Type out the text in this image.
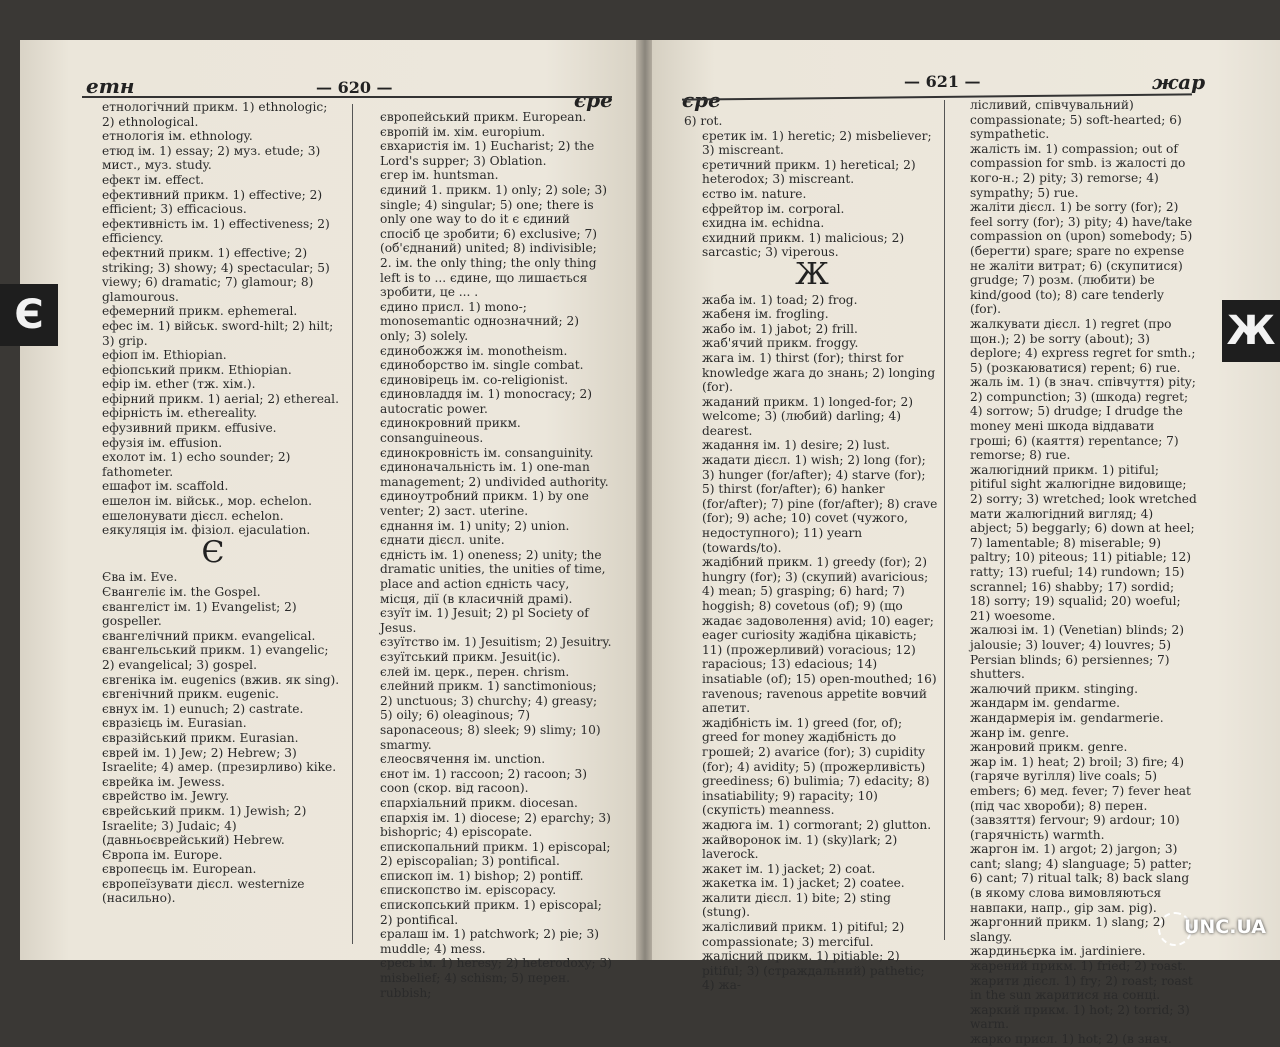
етн	— 620 —
єре
етнологічний прикм. 1) ethnologic; 2) ethnological.
етнологія ім. ethnology.
етюд ім. 1) essay; 2) муз. etude; 3) мист., муз. study.
ефект ім. effect.
ефективний прикм. 1) effective; 2) efficient; 3) efficacious.
ефективність ім. 1) effectiveness; 2) efficiency.
ефектний прикм. 1) effective; 2) striking; 3) showy; 4) spectacular; 5) viewy; 6) dramatic; 7) glamour; 8) glamourous.
ефемерний прикм. ephemeral.
ефес ім. 1) військ. sword-hilt; 2) hilt; 3) grip.
ефіоп ім. Ethiopian.
ефіопський прикм. Ethiopian.
ефір ім. ether (тж. хім.).
ефірний прикм. 1) aerial; 2) ethereal.
ефірність ім. ethereality.
ефузивний прикм. effusive.
ефузія ім. effusion.
ехолот ім. 1) echo sounder; 2) fathometer.
ешафот ім. scaffold.
ешелон ім. військ., мор. echelon.
ешелонувати дієсл. echelon.
еякуляція ім. фізіол. ejaculation.
Є
Єва ім. Eve.
Євангеліє ім. the Gospel.
євангеліст ім. 1) Evangelist; 2) gospeller.
євангелічний прикм. evangelical.
євангельський прикм. 1) evangelic; 2) evangelical; 3) gospel.
євгеніка ім. eugenics (вжив. як sing).
євгенічний прикм. eugenic.
євнух ім. 1) eunuch; 2) castrate.
євразієць ім. Eurasian.
євразійський прикм. Eurasian.
єврей ім. 1) Jew; 2) Hebrew; 3) Israelite; 4) амер. (презирливо) kike.
єврейка ім. Jewess.
єврейство ім. Jewry.
єврейський прикм. 1) Jewish; 2) Israelite; 3) Judaic; 4) (давньоєврейський) Hebrew.
Європа ім. Europe.
європеєць ім. European.
європеїзувати дієсл. westernize (насильно).
європейський прикм. European.
європій ім. хім. europium.
євхаристія ім. 1) Eucharist; 2) the Lord's supper; 3) Oblation.
єгер ім. huntsman.
єдиний 1. прикм. 1) only; 2) sole; 3) single; 4) singular; 5) one; there is only one way to do it є єдиний спосіб це зробити; 6) exclusive; 7) (об'єднаний) united; 8) indivisible; 2. ім. the only thing; the only thing left is to ... єдине, що лишається зробити, це ... .
єдино присл. 1) mono-; monosemantic однозначний; 2) only; 3) solely.
єдинобожжя ім. monotheism.
єдиноборство ім. single combat.
єдиновірець ім. co-religionist.
єдиновладдя ім. 1) monocracy; 2) autocratic power.
єдинокровний прикм. consanguineous.
єдинокровність ім. consanguinity.
єдиноначальність ім. 1) one-man management; 2) undivided authority.
єдиноутробний прикм. 1) by one venter; 2) заст. uterine.
єднання ім. 1) unity; 2) union.
єднати дієсл. unite.
єдність ім. 1) oneness; 2) unity; the dramatic unities, the unities of time, place and action єдність часу, місця, дії (в класичній драмі).
єзуїт ім. 1) Jesuit; 2) pl Society of Jesus.
єзуїтство ім. 1) Jesuitism; 2) Jesuitry.
єзуїтський прикм. Jesuit(ic).
єлей ім. церк., перен. chrism.
єлейний прикм. 1) sanctimonious; 2) unctuous; 3) churchy; 4) greasy; 5) oily; 6) oleaginous; 7) saponaceous; 8) sleek; 9) slimy; 10) smarmy.
єлеосвячення ім. unction.
єнот ім. 1) raccoon; 2) racoon; 3) coon (скор. від racoon).
єпархіальний прикм. diocesan.
єпархія ім. 1) diocese; 2) eparchy; 3) bishopric; 4) episcopate.
єпископальний прикм. 1) episcopal; 2) episcopalian; 3) pontifical.
єпископ ім. 1) bishop; 2) pontiff.
єпископство ім. episcopacy.
єпископський прикм. 1) episcopal; 2) pontifical.
єралаш ім. 1) patchwork; 2) pie; 3) muddle; 4) mess.
єресь ім. 1) heresy; 2) heterodoxy; 3) misbelief; 4) schism; 5) перен. rubbish;
єре
— 621 —	жар
6) rot.
єретик ім. 1) heretic; 2) misbeliever; 3) miscreant.
єретичний прикм. 1) heretical; 2) heterodox; 3) miscreant.
єство ім. nature.
єфрейтор ім. corporal.
єхидна ім. echidna.
єхидний прикм. 1) malicious; 2) sarcastic; 3) viperous.
Ж
жаба ім. 1) toad; 2) frog.
жабеня ім. frogling.
жабо ім. 1) jabot; 2) frill.
жаб'ячий прикм. froggy.
жага ім. 1) thirst (for); thirst for knowledge жага до знань; 2) longing (for).
жаданий прикм. 1) longed-for; 2) welcome; 3) (любий) darling; 4) dearest.
жадання ім. 1) desire; 2) lust.
жадати дієсл. 1) wish; 2) long (for); 3) hunger (for/after); 4) starve (for); 5) thirst (for/after); 6) hanker (for/after); 7) pine (for/after); 8) crave (for); 9) ache; 10) covet (чужого, недоступного); 11) yearn (towards/to).
жадібний прикм. 1) greedy (for); 2) hungry (for); 3) (скупий) avaricious; 4) mean; 5) grasping; 6) hard; 7) hoggish; 8) covetous (of); 9) (що жадає задоволення) avid; 10) eager; eager curiosity жадібна цікавість; 11) (прожерливий) voracious; 12) rapacious; 13) edacious; 14) insatiable (of); 15) open-mouthed; 16) ravenous; ravenous appetite вовчий апетит.
жадібність ім. 1) greed (for, of); greed for money жадібність до грошей; 2) avarice (for); 3) cupidity (for); 4) avidity; 5) (прожерливість) greediness; 6) bulimia; 7) edacity; 8) insatiability; 9) rapacity; 10) (скупість) meanness.
жадюга ім. 1) cormorant; 2) glutton.
жайворонок ім. 1) (sky)lark; 2) laverock.
жакет ім. 1) jacket; 2) coat.
жакетка ім. 1) jacket; 2) coatee.
жалити дієсл. 1) bite; 2) sting (stung).
жалісливий прикм. 1) pitiful; 2) compassionate; 3) merciful.
жалісний прикм. 1) pitiable; 2) pitiful; 3) (страждальний) pathetic; 4) жа-
лісливий, співчувальний) compassionate; 5) soft-hearted; 6) sympathetic.
жалість ім. 1) compassion; out of compassion for smb. із жалості до кого-н.; 2) pity; 3) remorse; 4) sympathy; 5) rue.
жаліти дієсл. 1) be sorry (for); 2) feel sorry (for); 3) pity; 4) have/take compassion on (upon) somebody; 5) (берегти) spare; spare no expense не жаліти витрат; 6) (скупитися) grudge; 7) розм. (любити) be kind/good (to); 8) care tenderly (for).
жалкувати дієсл. 1) regret (про щон.); 2) be sorry (about); 3) deplore; 4) express regret for smth.; 5) (розкаюватися) repent; 6) rue.
жаль ім. 1) (в знач. співчуття) pity; 2) compunction; 3) (шкода) regret; 4) sorrow; 5) drudge; I drudge the money мені шкода віддавати гроші; 6) (каяття) repentance; 7) remorse; 8) rue.
жалюгідний прикм. 1) pitiful; pitiful sight жалюгідне видовище; 2) sorry; 3) wretched; look wretched мати жалюгідний вигляд; 4) abject; 5) beggarly; 6) down at heel; 7) lamentable; 8) miserable; 9) paltry; 10) piteous; 11) pitiable; 12) ratty; 13) rueful; 14) rundown; 15) scrannel; 16) shabby; 17) sordid; 18) sorry; 19) squalid; 20) woeful; 21) woesome.
жалюзі ім. 1) (Venetian) blinds; 2) jalousie; 3) louver; 4) louvres; 5) Persian blinds; 6) persiennes; 7) shutters.
жалючий прикм. stinging.
жандарм ім. gendarme.
жандармерія ім. gendarmerie.
жанр ім. genre.
жанровий прикм. genre.
жар ім. 1) heat; 2) broil; 3) fire; 4) (гаряче вугілля) live coals; 5) embers; 6) мед. fever; 7) fever heat (під час хвороби); 8) перен. (завзяття) fervour; 9) ardour; 10) (гарячність) warmth.
жаргон ім. 1) argot; 2) jargon; 3) cant; slang; 4) slanguage; 5) patter; 6) cant; 7) ritual talk; 8) back slang (в якому слова вимовляються навпаки, напр., gip зам. pig).
жаргонний прикм. 1) slang; 2) slangy.
жардиньєрка ім. jardiniere.
жарений прикм. 1) fried; 2) roast.
жарити дієсл. 1) fry; 2) roast; roast in the sun жаритися на сонці.
жаркий прикм. 1) hot; 2) torrid; 3) warm.
жарко присл. 1) hot; 2) (в знач.
Є	Ж
UNC.UA
